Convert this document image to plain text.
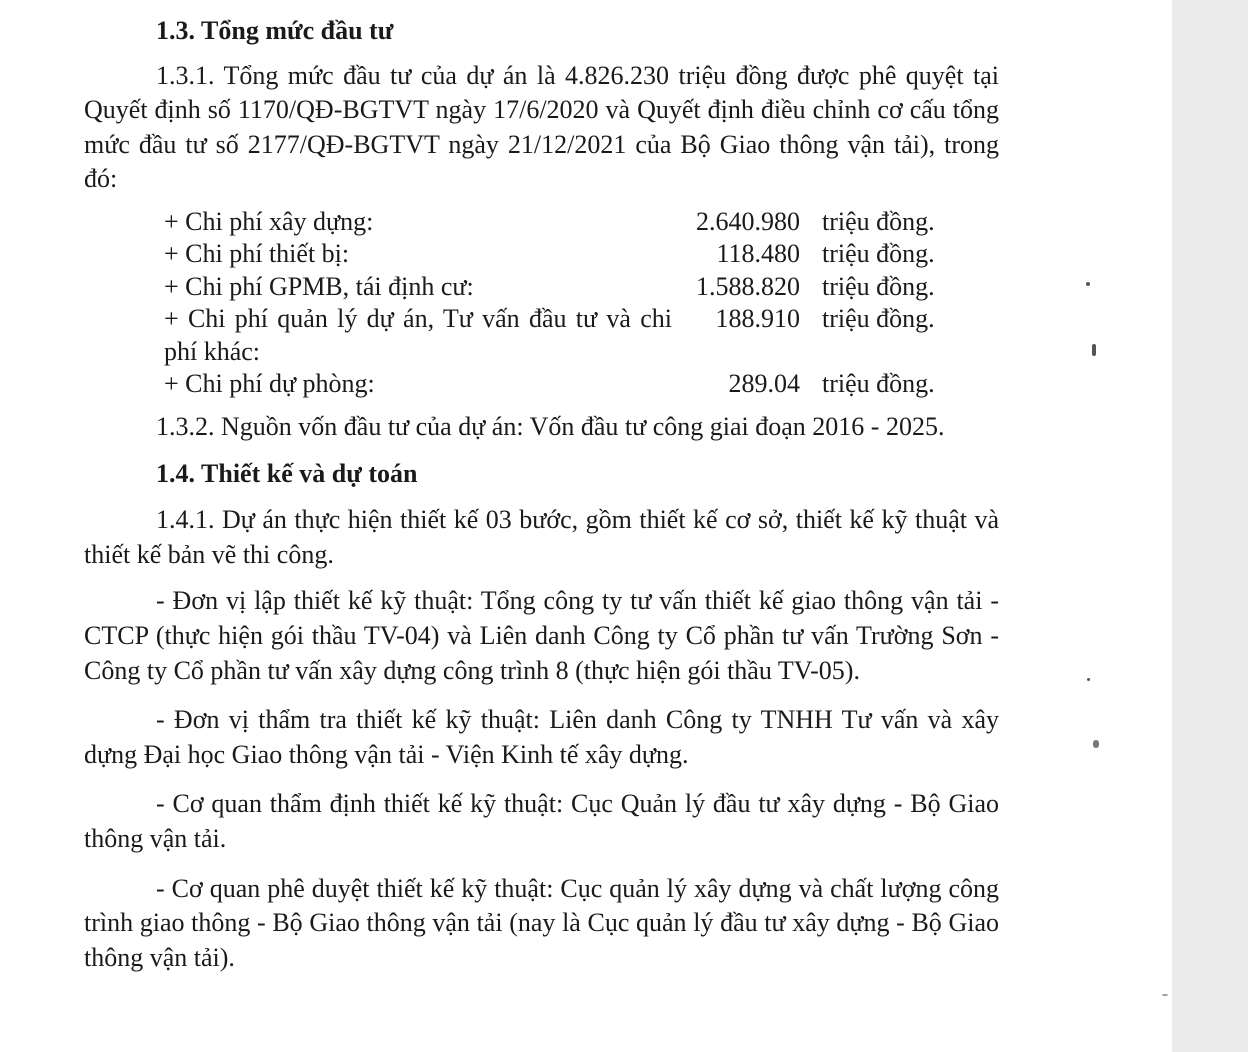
1.3. Tổng mức đầu tư

1.3.1. Tổng mức đầu tư của dự án là 4.826.230 triệu đồng được phê quyệt tại Quyết định số 1170/QĐ-BGTVT ngày 17/6/2020 và Quyết định điều chỉnh cơ cấu tổng mức đầu tư số 2177/QĐ-BGTVT ngày 21/12/2021 của Bộ Giao thông vận tải), trong đó:

+ Chi phí xây dựng:	2.640.980	triệu đồng.
+ Chi phí thiết bị:	118.480	triệu đồng.
+ Chi phí GPMB, tái định cư:	1.588.820	triệu đồng.
+ Chi phí quản lý dự án, Tư vấn đầu tư và chi phí khác:	188.910	triệu đồng.
+ Chi phí dự phòng:	289.04	triệu đồng.

1.3.2. Nguồn vốn đầu tư của dự án: Vốn đầu tư công giai đoạn 2016 - 2025.

1.4. Thiết kế và dự toán

1.4.1. Dự án thực hiện thiết kế 03 bước, gồm thiết kế cơ sở, thiết kế kỹ thuật và thiết kế bản vẽ thi công.

- Đơn vị lập thiết kế kỹ thuật: Tổng công ty tư vấn thiết kế giao thông vận tải - CTCP (thực hiện gói thầu TV-04) và Liên danh Công ty Cổ phần tư vấn Trường Sơn - Công ty Cổ phần tư vấn xây dựng công trình 8 (thực hiện gói thầu TV-05).

- Đơn vị thẩm tra thiết kế kỹ thuật: Liên danh Công ty TNHH Tư vấn và xây dựng Đại học Giao thông vận tải - Viện Kinh tế xây dựng.

- Cơ quan thẩm định thiết kế kỹ thuật: Cục Quản lý đầu tư xây dựng - Bộ Giao thông vận tải.

- Cơ quan phê duyệt thiết kế kỹ thuật: Cục quản lý xây dựng và chất lượng công trình giao thông - Bộ Giao thông vận tải (nay là Cục quản lý đầu tư xây dựng - Bộ Giao thông vận tải).
